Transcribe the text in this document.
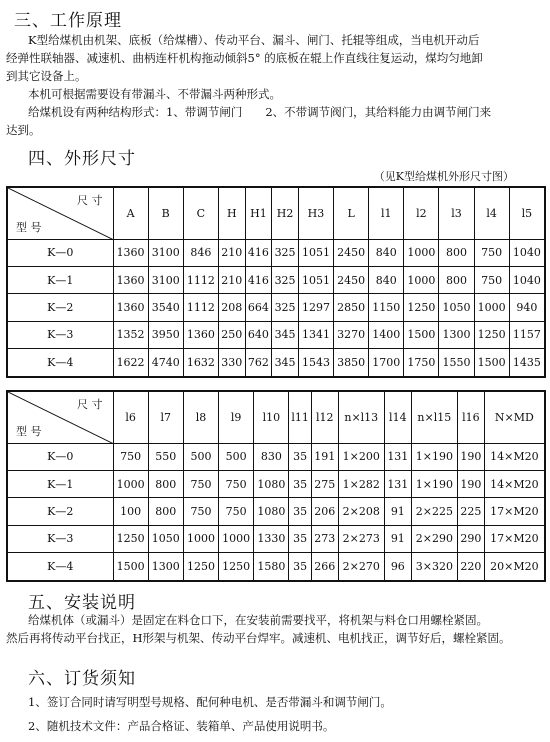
三、工作原理
K型给煤机由机架、底板（给煤槽）、传动平台、漏斗、闸门、托辊等组成，当电机开动后
经弹性联轴器、减速机、曲柄连杆机构拖动倾斜5° 的底板在辊上作直线往复运动，煤均匀地卸
到其它设备上。
本机可根据需要设有带漏斗、不带漏斗两种形式。
给煤机设有两种结构形式：1、带调节闸门　　2、不带调节阀门，其给料能力由调节闸门来
达到。
四、外形尺寸
（见K型给煤机外形尺寸图）
尺 寸
型 号	A	B	C	H	H1	H2	H3	L	l1	l2	l3	l4	l5
K—0	1360	3100	846	210	416	325	1051	2450	840	1000	800	750	1040
K—1	1360	3100	1112	210	416	325	1051	2450	840	1000	800	750	1040
K—2	1360	3540	1112	208	664	325	1297	2850	1150	1250	1050	1000	940
K—3	1352	3950	1360	250	640	345	1341	3270	1400	1500	1300	1250	1157
K—4	1622	4740	1632	330	762	345	1543	3850	1700	1750	1550	1500	1435
尺 寸
型 号	l6	l7	l8	l9	l10	l11	l12	n×l13	l14	n×l15	l16	N×MD
K—0	750	550	500	500	830	35	191	1×200	131	1×190	190	14×M20
K—1	1000	800	750	750	1080	35	275	1×282	131	1×190	190	14×M20
K—2	100	800	750	750	1080	35	206	2×208	91	2×225	225	17×M20
K—3	1250	1050	1000	1000	1330	35	273	2×273	91	2×290	290	17×M20
K—4	1500	1300	1250	1250	1580	35	266	2×270	96	3×320	220	20×M20
五、安装说明
给煤机体（或漏斗）是固定在料仓口下，在安装前需要找平，将机架与料仓口用螺栓紧固。
然后再将传动平台找正，H形架与机架、传动平台焊牢。减速机、电机找正，调节好后，螺栓紧固。
六、订货须知
1、签订合同时请写明型号规格、配何种电机、是否带漏斗和调节闸门。
2、随机技术文件：产品合格证、装箱单、产品使用说明书。
